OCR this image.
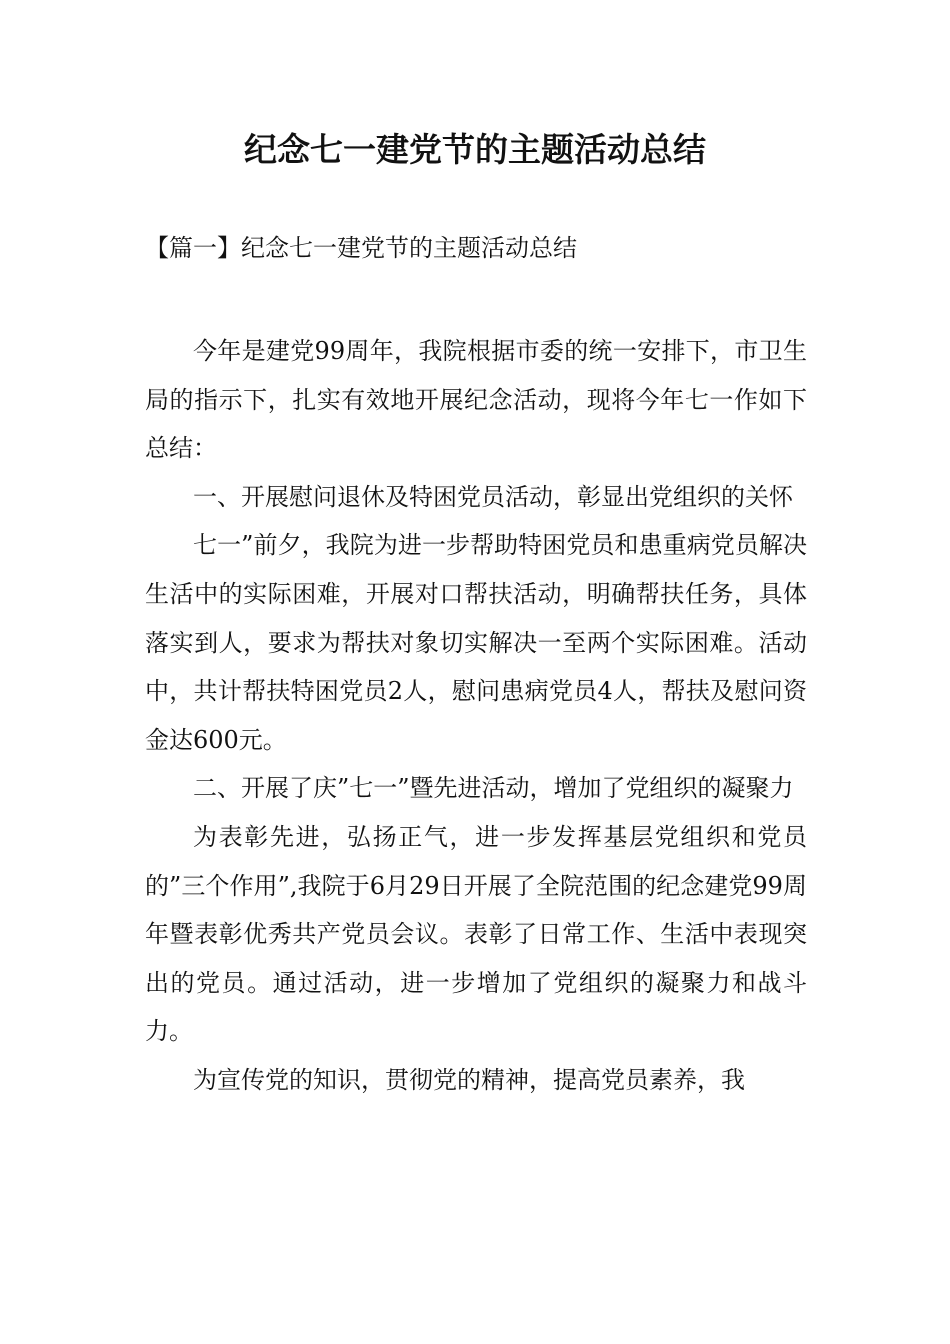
纪念七一建党节的主题活动总结
【篇一】纪念七一建党节的主题活动总结

今年是建党99周年，我院根据市委的统一安排下，市卫生局的指示下，扎实有效地开展纪念活动，现将今年七一作如下总结：

一、开展慰问退休及特困党员活动，彰显出党组织的关怀

七一”前夕，我院为进一步帮助特困党员和患重病党员解决生活中的实际困难，开展对口帮扶活动，明确帮扶任务，具体落实到人，要求为帮扶对象切实解决一至两个实际困难。活动中，共计帮扶特困党员2人，慰问患病党员4人，帮扶及慰问资金达600元。

二、开展了庆”七一”暨先进活动，增加了党组织的凝聚力

为表彰先进，弘扬正气，进一步发挥基层党组织和党员的”三个作用”,我院于6月29日开展了全院范围的纪念建党99周年暨表彰优秀共产党员会议。表彰了日常工作、生活中表现突出的党员。通过活动，进一步增加了党组织的凝聚力和战斗力。

为宣传党的知识，贯彻党的精神，提高党员素养，我
